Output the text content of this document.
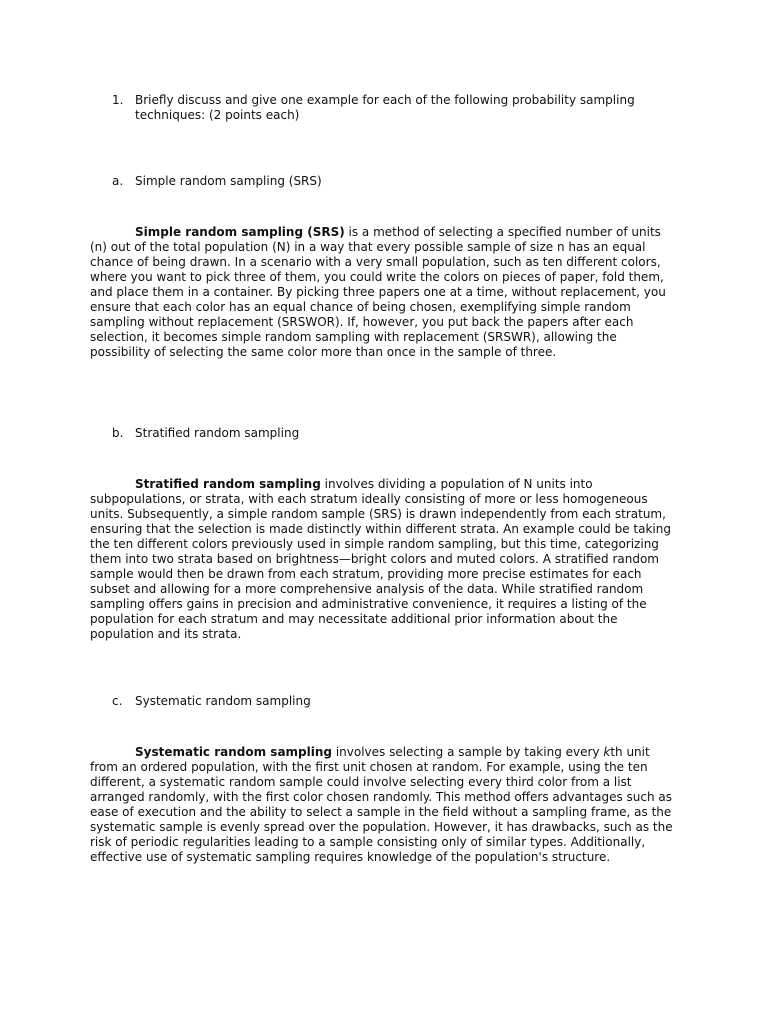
1. Briefly discuss and give one example for each of the following probability sampling techniques: (2 points each)
a. Simple random sampling (SRS)

Simple random sampling (SRS) is a method of selecting a specified number of units (n) out of the total population (N) in a way that every possible sample of size n has an equal chance of being drawn. In a scenario with a very small population, such as ten different colors, where you want to pick three of them, you could write the colors on pieces of paper, fold them, and place them in a container. By picking three papers one at a time, without replacement, you ensure that each color has an equal chance of being chosen, exemplifying simple random sampling without replacement (SRSWOR). If, however, you put back the papers after each selection, it becomes simple random sampling with replacement (SRSWR), allowing the possibility of selecting the same color more than once in the sample of three.

b. Stratified random sampling

Stratified random sampling involves dividing a population of N units into subpopulations, or strata, with each stratum ideally consisting of more or less homogeneous units. Subsequently, a simple random sample (SRS) is drawn independently from each stratum, ensuring that the selection is made distinctly within different strata. An example could be taking the ten different colors previously used in simple random sampling, but this time, categorizing them into two strata based on brightness—bright colors and muted colors. A stratified random sample would then be drawn from each stratum, providing more precise estimates for each subset and allowing for a more comprehensive analysis of the data. While stratified random sampling offers gains in precision and administrative convenience, it requires a listing of the population for each stratum and may necessitate additional prior information about the population and its strata.

c. Systematic random sampling

Systematic random sampling involves selecting a sample by taking every kth unit from an ordered population, with the first unit chosen at random. For example, using the ten different, a systematic random sample could involve selecting every third color from a list arranged randomly, with the first color chosen randomly. This method offers advantages such as ease of execution and the ability to select a sample in the field without a sampling frame, as the systematic sample is evenly spread over the population. However, it has drawbacks, such as the risk of periodic regularities leading to a sample consisting only of similar types. Additionally, effective use of systematic sampling requires knowledge of the population's structure.
